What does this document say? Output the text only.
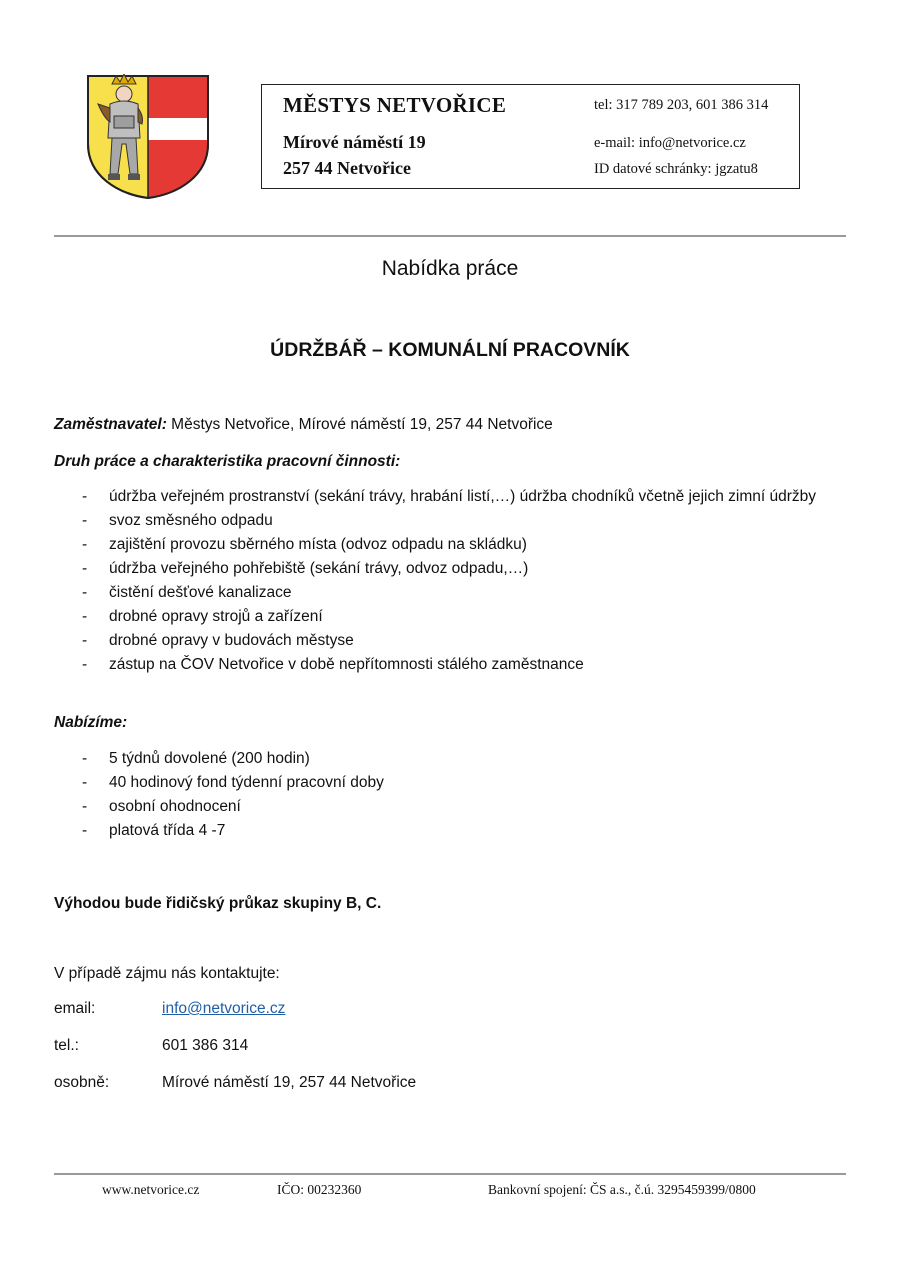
MĚSTYS NETVOŘICE
Mírové náměstí 19
257 44 Netvořice
tel: 317 789 203, 601 386 314
e-mail: info@netvorice.cz
ID datové schránky: jgzatu8
Nabídka práce
ÚDRŽBÁŘ – KOMUNÁLNÍ PRACOVNÍK
Zaměstnavatel: Městys Netvořice, Mírové náměstí 19, 257 44 Netvořice
Druh práce a charakteristika pracovní činnosti:
- údržba veřejném prostranství (sekání trávy, hrabání listí,…) údržba chodníků včetně jejich zimní údržby
- svoz směsného odpadu
- zajištění provozu sběrného místa (odvoz odpadu na skládku)
- údržba veřejného pohřebiště (sekání trávy, odvoz odpadu,…)
- čistění dešťové kanalizace
- drobné opravy strojů a zařízení
- drobné opravy v budovách městyse
- zástup na ČOV Netvořice v době nepřítomnosti stálého zaměstnance
Nabízíme:
- 5 týdnů dovolené (200 hodin)
- 40 hodinový fond týdenní pracovní doby
- osobní ohodnocení
- platová třída 4 -7
Výhodou bude řidičský průkaz skupiny B, C.
V případě zájmu nás kontaktujte:
email:	info@netvorice.cz
tel.:	601 386 314
osobně:	Mírové náměstí 19, 257 44 Netvořice
www.netvorice.cz	IČO: 00232360	Bankovní spojení: ČS a.s., č.ú. 3295459399/0800
